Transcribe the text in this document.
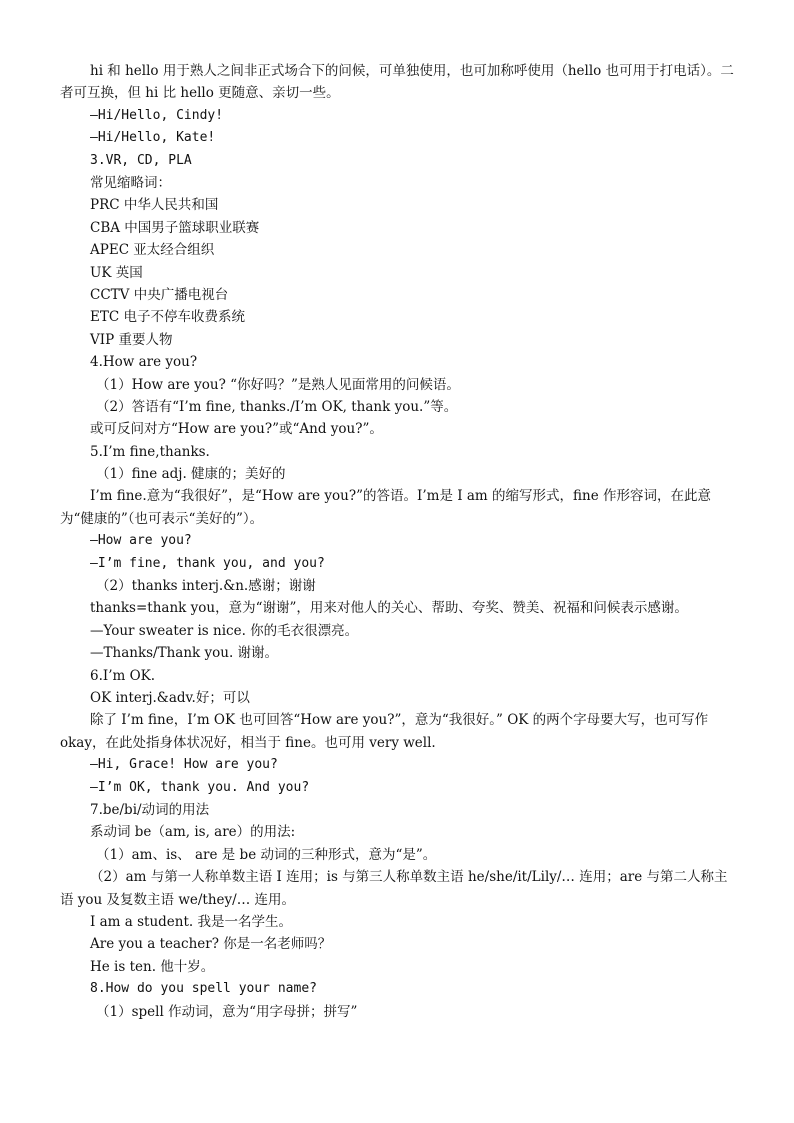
hi 和 hello 用于熟人之间非正式场合下的问候，可单独使用，也可加称呼使用（hello 也可用于打电话）。二者可互换，但 hi 比 hello 更随意、亲切一些。
—Hi/Hello, Cindy!
—Hi/Hello, Kate!
3.VR, CD, PLA
常见缩略词：
PRC 中华人民共和国
CBA 中国男子篮球职业联赛
APEC 亚太经合组织
UK 英国
CCTV 中央广播电视台
ETC 电子不停车收费系统
VIP 重要人物
4.How are you?
（1）How are you? “你好吗？”是熟人见面常用的问候语。
（2）答语有“I’m fine, thanks./I’m OK, thank you.”等。
或可反问对方“How are you?”或“And you?”。
5.I’m fine,thanks.
（1）fine adj. 健康的；美好的
I’m fine.意为“我很好”，是“How are you?”的答语。I’m是 I am 的缩写形式，fine 作形容词，在此意为“健康的”（也可表示“美好的”）。
—How are you?
—I’m fine, thank you, and you?
（2）thanks interj.&n.感谢；谢谢
thanks=thank you，意为“谢谢”，用来对他人的关心、帮助、夸奖、赞美、祝福和问候表示感谢。
—Your sweater is nice. 你的毛衣很漂亮。
—Thanks/Thank you. 谢谢。
6.I’m OK.
OK interj.&adv.好；可以
除了 I’m fine，I’m OK 也可回答“How are you?”，意为“我很好。” OK 的两个字母要大写，也可写作 okay，在此处指身体状况好，相当于 fine。也可用 very well.
—Hi, Grace! How are you?
—I’m OK, thank you. And you?
7.be/bi/动词的用法
系动词 be（am, is, are）的用法:
（1）am、is、 are 是 be 动词的三种形式，意为“是”。
（2）am 与第一人称单数主语 I 连用；is 与第三人称单数主语 he/she/it/Lily/… 连用；are 与第二人称主语 you 及复数主语 we/they/… 连用。
I am a student. 我是一名学生。
Are you a teacher? 你是一名老师吗？
He is ten. 他十岁。
8.How do you spell your name?
（1）spell 作动词，意为“用字母拼；拼写”
